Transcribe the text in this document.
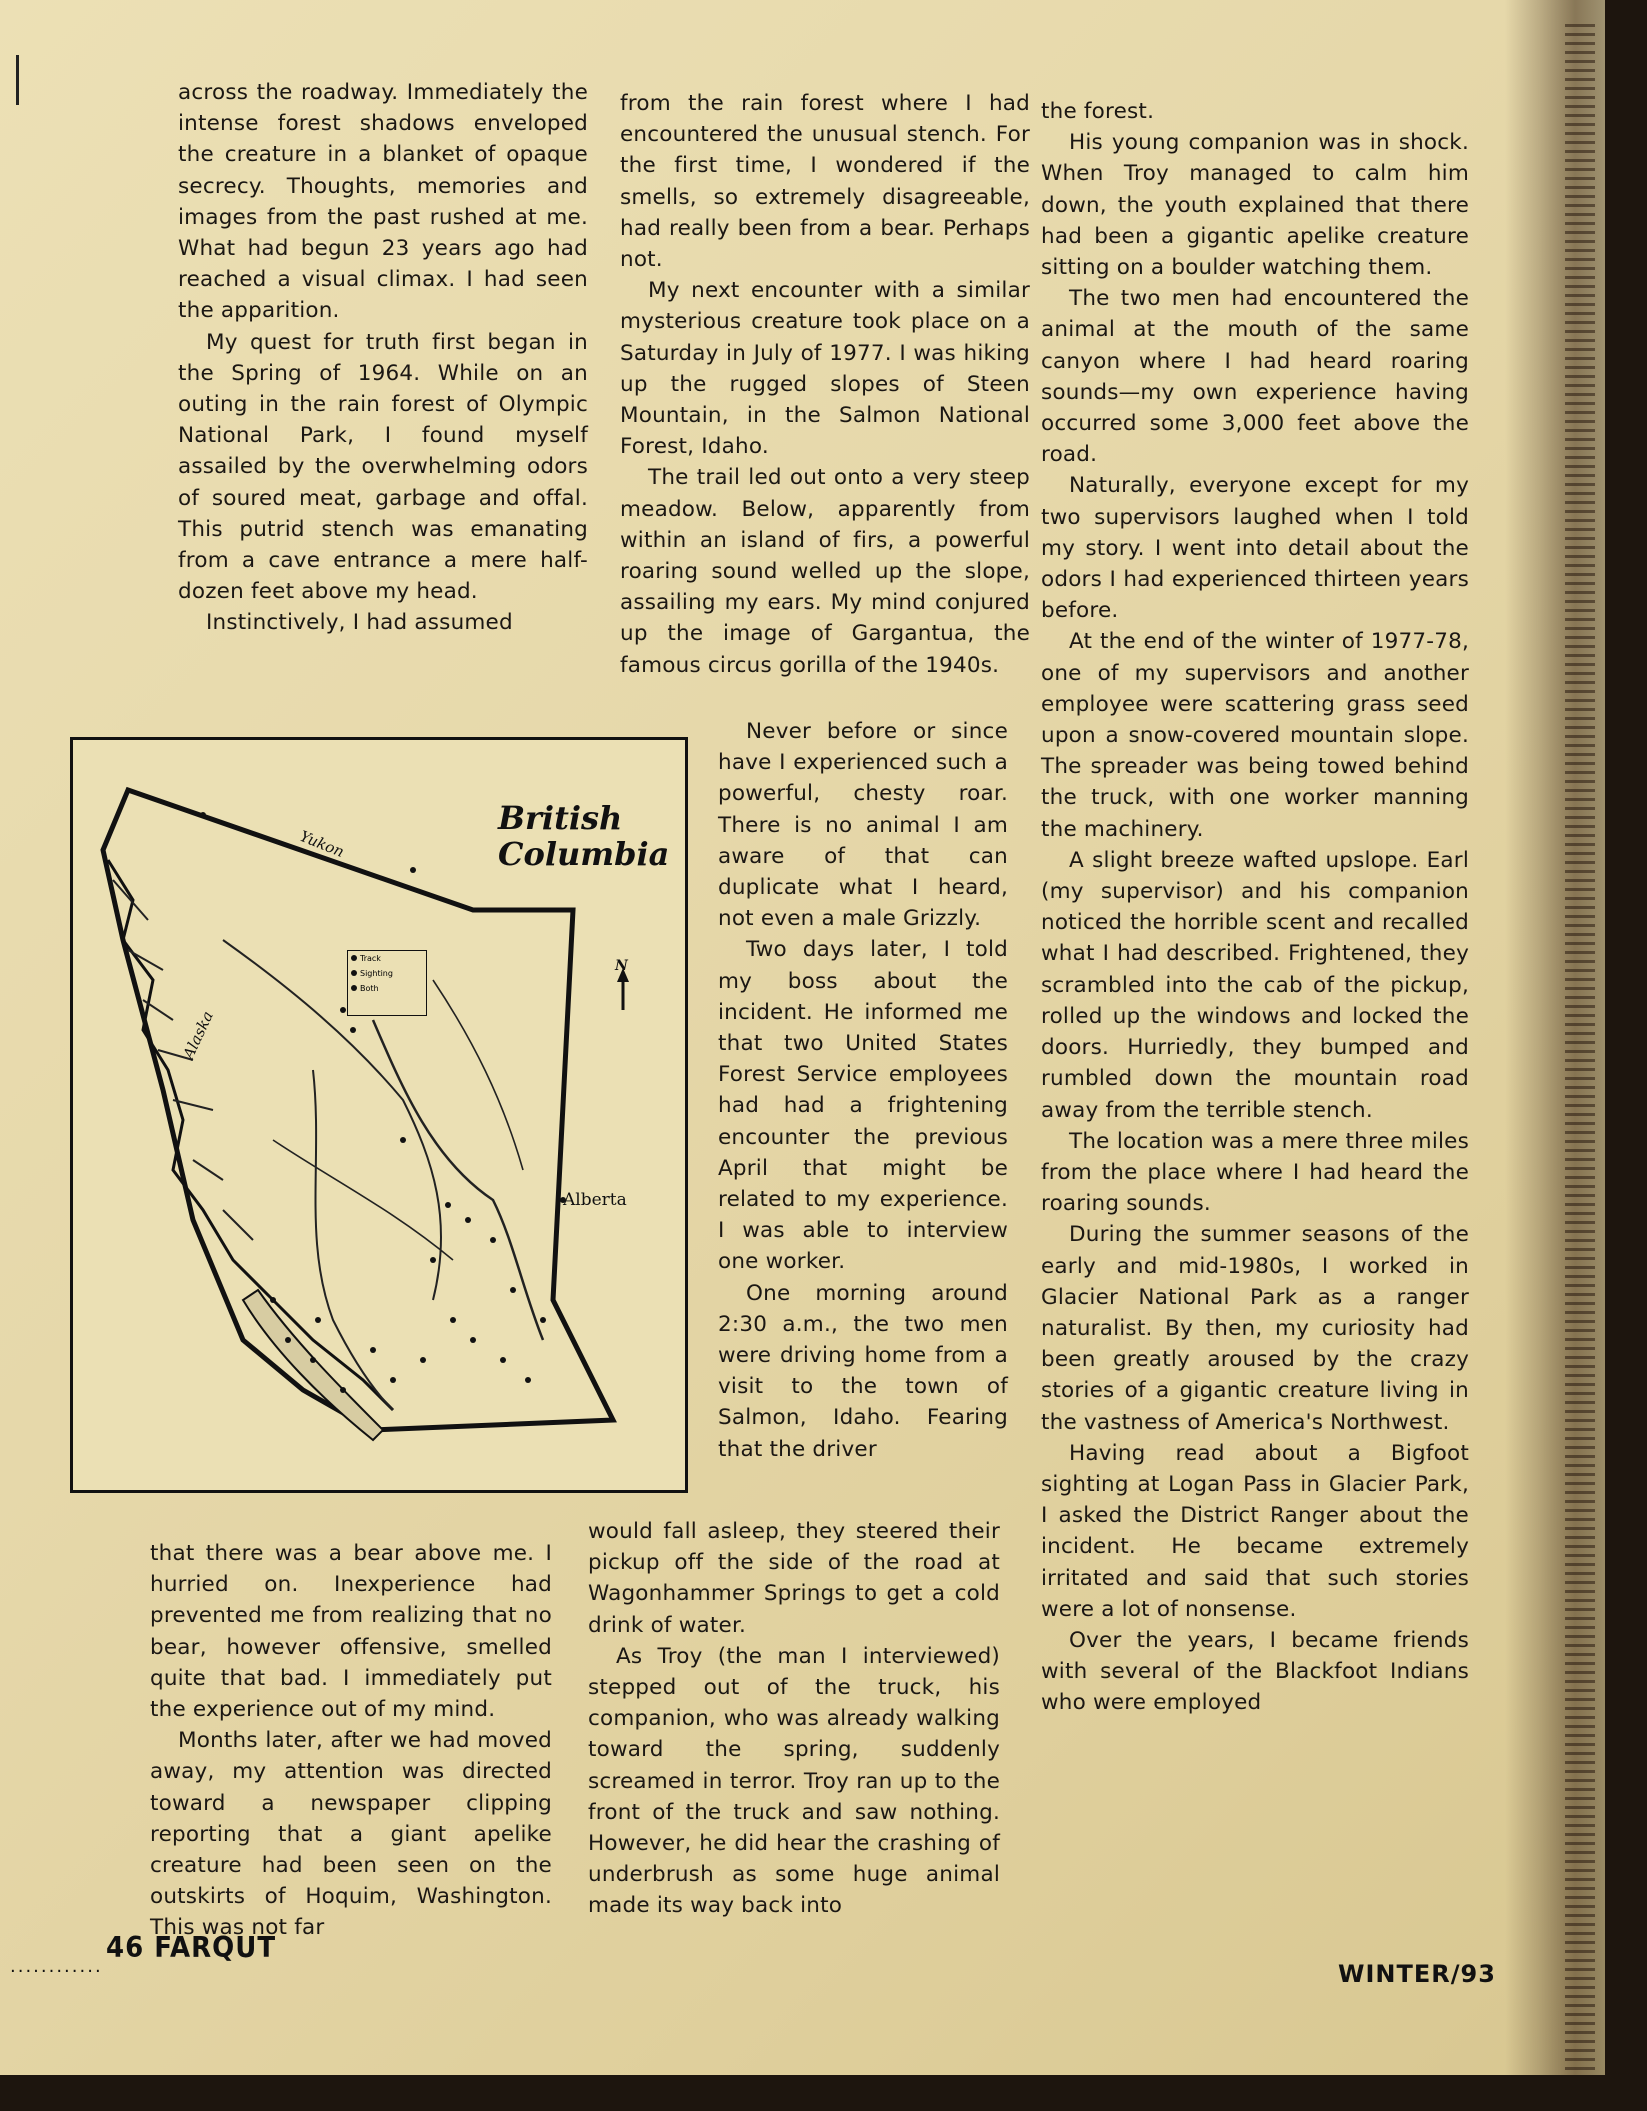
across the roadway. Immediately the intense forest shadows enveloped the creature in a blanket of opaque secrecy. Thoughts, memories and images from the past rushed at me. What had begun 23 years ago had reached a visual climax. I had seen the apparition.

My quest for truth first began in the Spring of 1964. While on an outing in the rain forest of Olympic National Park, I found myself assailed by the overwhelming odors of soured meat, garbage and offal. This putrid stench was emanating from a cave entrance a mere half-dozen feet above my head.

Instinctively, I had assumed

British
Columbia
Yukon
Alaska
Alberta
N
Track
Sighting
Both

that there was a bear above me. I hurried on. Inexperience had prevented me from realizing that no bear, however offensive, smelled quite that bad. I immediately put the experience out of my mind.

Months later, after we had moved away, my attention was directed toward a newspaper clipping reporting that a giant apelike creature had been seen on the outskirts of Hoquim, Washington. This was not far

from the rain forest where I had encountered the unusual stench. For the first time, I wondered if the smells, so extremely disagreeable, had really been from a bear. Perhaps not.

My next encounter with a similar mysterious creature took place on a Saturday in July of 1977. I was hiking up the rugged slopes of Steen Mountain, in the Salmon National Forest, Idaho.

The trail led out onto a very steep meadow. Below, apparently from within an island of firs, a powerful roaring sound welled up the slope, assailing my ears. My mind conjured up the image of Gargantua, the famous circus gorilla of the 1940s.

Never before or since have I experienced such a powerful, chesty roar. There is no animal I am aware of that can duplicate what I heard, not even a male Grizzly.

Two days later, I told my boss about the incident. He informed me that two United States Forest Service employees had had a frightening encounter the previous April that might be related to my experience. I was able to interview one worker.

One morning around 2:30 a.m., the two men were driving home from a visit to the town of Salmon, Idaho. Fearing that the driver

would fall asleep, they steered their pickup off the side of the road at Wagonhammer Springs to get a cold drink of water.

As Troy (the man I interviewed) stepped out of the truck, his companion, who was already walking toward the spring, suddenly screamed in terror. Troy ran up to the front of the truck and saw nothing. However, he did hear the crashing of underbrush as some huge animal made its way back into

the forest.

His young companion was in shock. When Troy managed to calm him down, the youth explained that there had been a gigantic apelike creature sitting on a boulder watching them.

The two men had encountered the animal at the mouth of the same canyon where I had heard roaring sounds—my own experience having occurred some 3,000 feet above the road.

Naturally, everyone except for my two supervisors laughed when I told my story. I went into detail about the odors I had experienced thirteen years before.

At the end of the winter of 1977-78, one of my supervisors and another employee were scattering grass seed upon a snow-covered mountain slope. The spreader was being towed behind the truck, with one worker manning the machinery.

A slight breeze wafted upslope. Earl (my supervisor) and his companion noticed the horrible scent and recalled what I had described. Frightened, they scrambled into the cab of the pickup, rolled up the windows and locked the doors. Hurriedly, they bumped and rumbled down the mountain road away from the terrible stench.

The location was a mere three miles from the place where I had heard the roaring sounds.

During the summer seasons of the early and mid-1980s, I worked in Glacier National Park as a ranger naturalist. By then, my curiosity had been greatly aroused by the crazy stories of a gigantic creature living in the vastness of America's Northwest.

Having read about a Bigfoot sighting at Logan Pass in Glacier Park, I asked the District Ranger about the incident. He became extremely irritated and said that such stories were a lot of nonsense.

Over the years, I became friends with several of the Blackfoot Indians who were employed

46 FARQUT
............	WINTER/93
